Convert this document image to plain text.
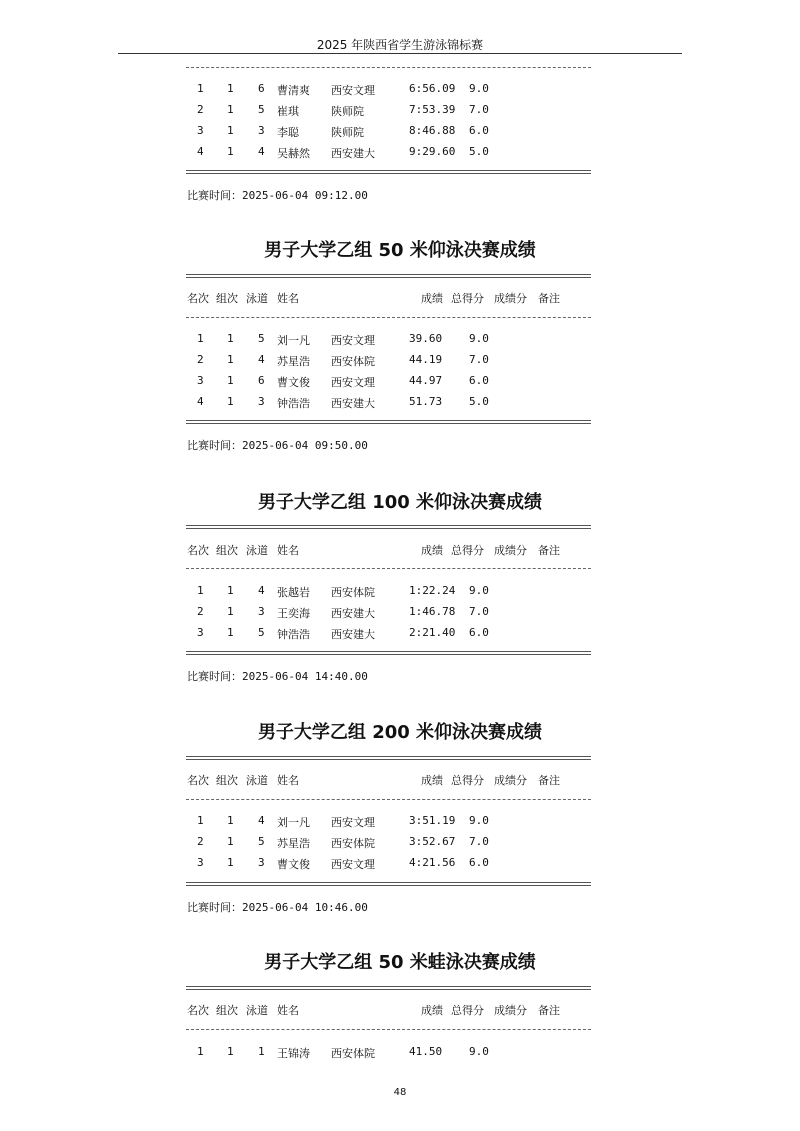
2025 年陕西省学生游泳锦标赛
1 1 6 曹清爽 西安文理	6:56.09 9.0
2 1 5 崔琪	陕师院	7:53.39 7.0
3 1 3 李聪	陕师院	8:46.88 6.0
4 1 4 吴赫然 西安建大	9:29.60 5.0
比赛时间：2025-06-04 09:12.00
男子大学乙组 50 米仰泳决赛成绩
名次 组次 泳道 姓名	成绩 总得分 成绩分 备注
1 1 5 刘一凡 西安文理	39.60 9.0
2 1 4 苏星浩 西安体院	44.19 7.0
3 1 6 曹文俊 西安文理	44.97 6.0
4 1 3 钟浩浩 西安建大	51.73 5.0
比赛时间：2025-06-04 09:50.00
男子大学乙组 100 米仰泳决赛成绩
名次 组次 泳道 姓名	成绩 总得分 成绩分 备注
1 1 4 张越岩 西安体院	1:22.24 9.0
2 1 3 王奕海 西安建大	1:46.78 7.0
3 1 5 钟浩浩 西安建大	2:21.40 6.0
比赛时间：2025-06-04 14:40.00
男子大学乙组 200 米仰泳决赛成绩
名次 组次 泳道 姓名	成绩 总得分 成绩分 备注
1 1 4 刘一凡 西安文理	3:51.19 9.0
2 1 5 苏星浩 西安体院	3:52.67 7.0
3 1 3 曹文俊 西安文理	4:21.56 6.0
比赛时间：2025-06-04 10:46.00
男子大学乙组 50 米蛙泳决赛成绩
名次 组次 泳道 姓名	成绩 总得分 成绩分 备注
1 1 1 王锦涛 西安体院	41.50 9.0
48
